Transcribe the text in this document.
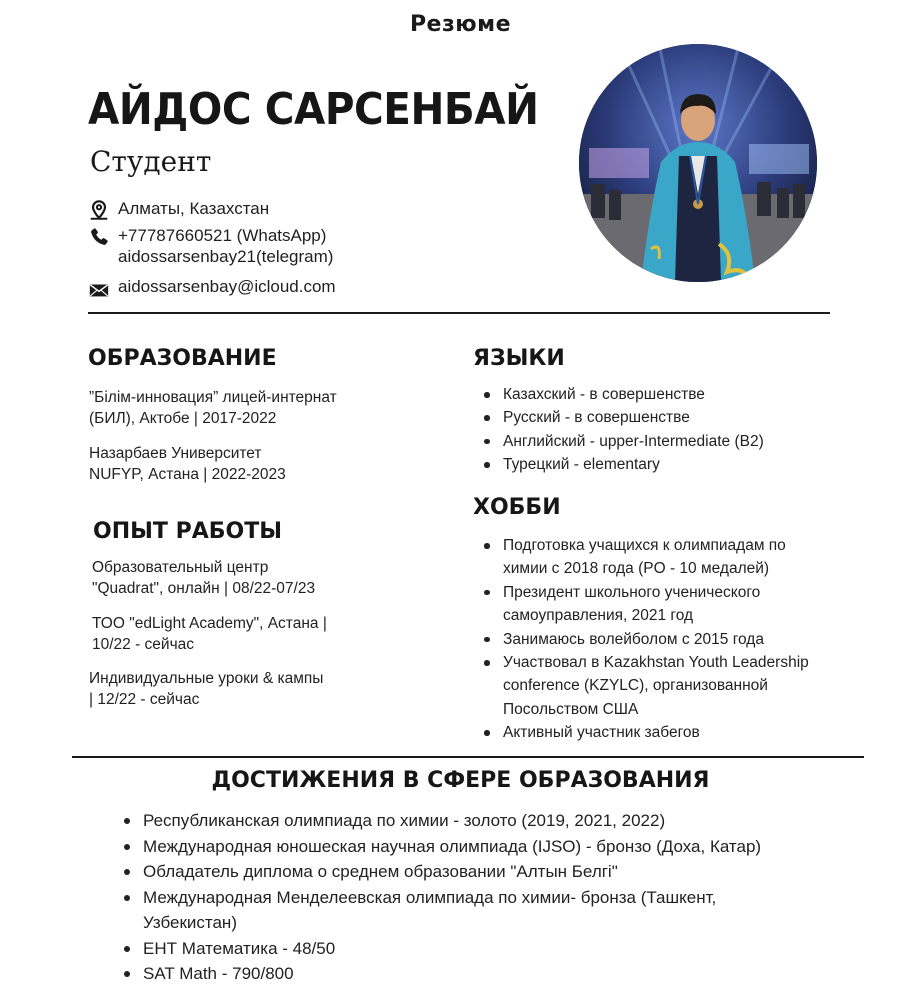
Резюме
АЙДОС САРСЕНБАЙ
Студент
Алматы, Казахстан
+77787660521 (WhatsApp)
aidossarsenbay21(telegram)
aidossarsenbay@icloud.com
ОБРАЗОВАНИЕ
”Білім-инновация” лицей-интернат
(БИЛ), Актобе | 2017-2022
Назарбаев Университет
NUFYP, Астана | 2022-2023
ОПЫТ РАБОТЫ
Образовательный центр
"Quadrat", онлайн | 08/22-07/23
ТОО "edLight Academy", Астана |
10/22 - сейчас
Индивидуальные уроки & кампы
| 12/22 - сейчас
ЯЗЫКИ
Казахский - в совершенстве
Русский - в совершенстве
Английский - upper-Intermediate (B2)
Турецкий - elementary
ХОББИ
Подготовка учащихся к олимпиадам по химии с 2018 года (PO - 10 медалей)
Президент школьного ученического самоуправления, 2021 год
Занимаюсь волейболом с 2015 года
Участвовал в Kazakhstan Youth Leadership conference (KZYLC), организованной Посольством США
Активный участник забегов
ДОСТИЖЕНИЯ В СФЕРЕ ОБРАЗОВАНИЯ
Республиканская олимпиада по химии - золото (2019, 2021, 2022)
Международная юношеская научная олимпиада (IJSO) - бронзо (Доха, Катар)
Обладатель диплома о среднем образовании "Алтын Белгі"
Международная Менделеевская олимпиада по химии- бронза (Ташкент, Узбекистан)
ЕНТ Математика - 48/50
SAT Math - 790/800
